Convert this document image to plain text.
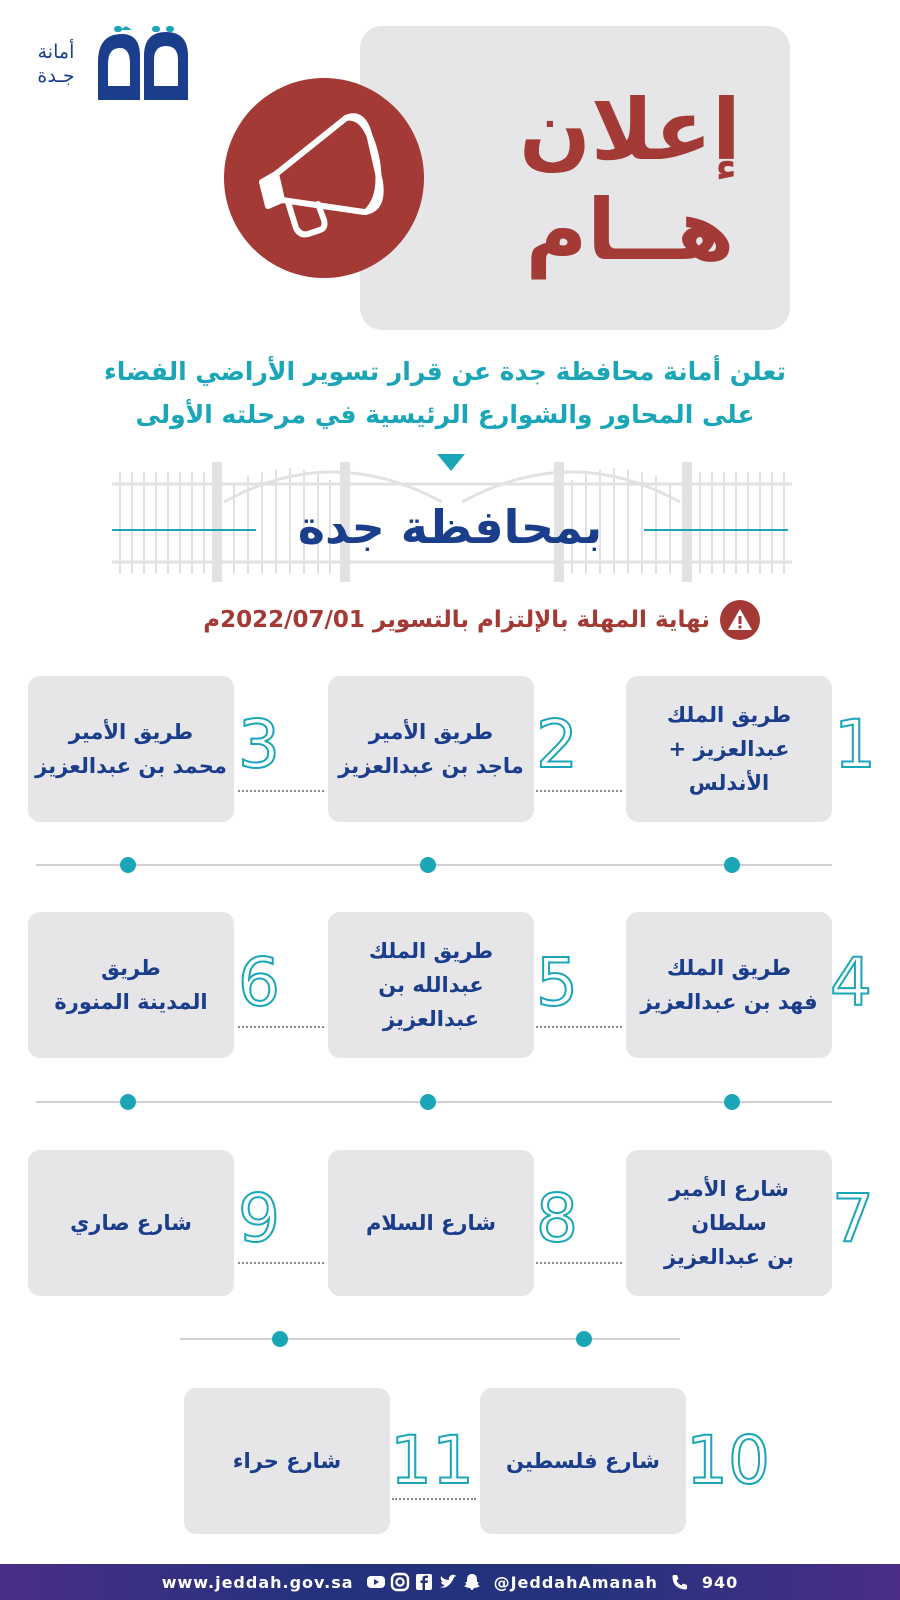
أمانة
جـدة
إعلان
هــام
تعلن أمانة محافظة جدة عن قرار تسوير الأراضي الفضاء
على المحاور والشوارع الرئيسية في مرحلته الأولى
بمحافظة جدة
نهاية المهلة بالإلتزام بالتسوير 2022/07/01م
طريق الملك
عبدالعزيز + الأندلس 1
طريق الأمير
ماجد بن عبدالعزيز 2
طريق الأمير
محمد بن عبدالعزيز 3
طريق الملك
فهد بن عبدالعزيز 4
طريق الملك
عبدالله بن عبدالعزيز 5
طريق
المدينة المنورة 6
شارع الأمير سلطان
بن عبدالعزيز 7
شارع السلام 8
شارع صاري 9
شارع فلسطين 10
شارع حراء 11
www.jeddah.gov.sa	@JeddahAmanah	940
